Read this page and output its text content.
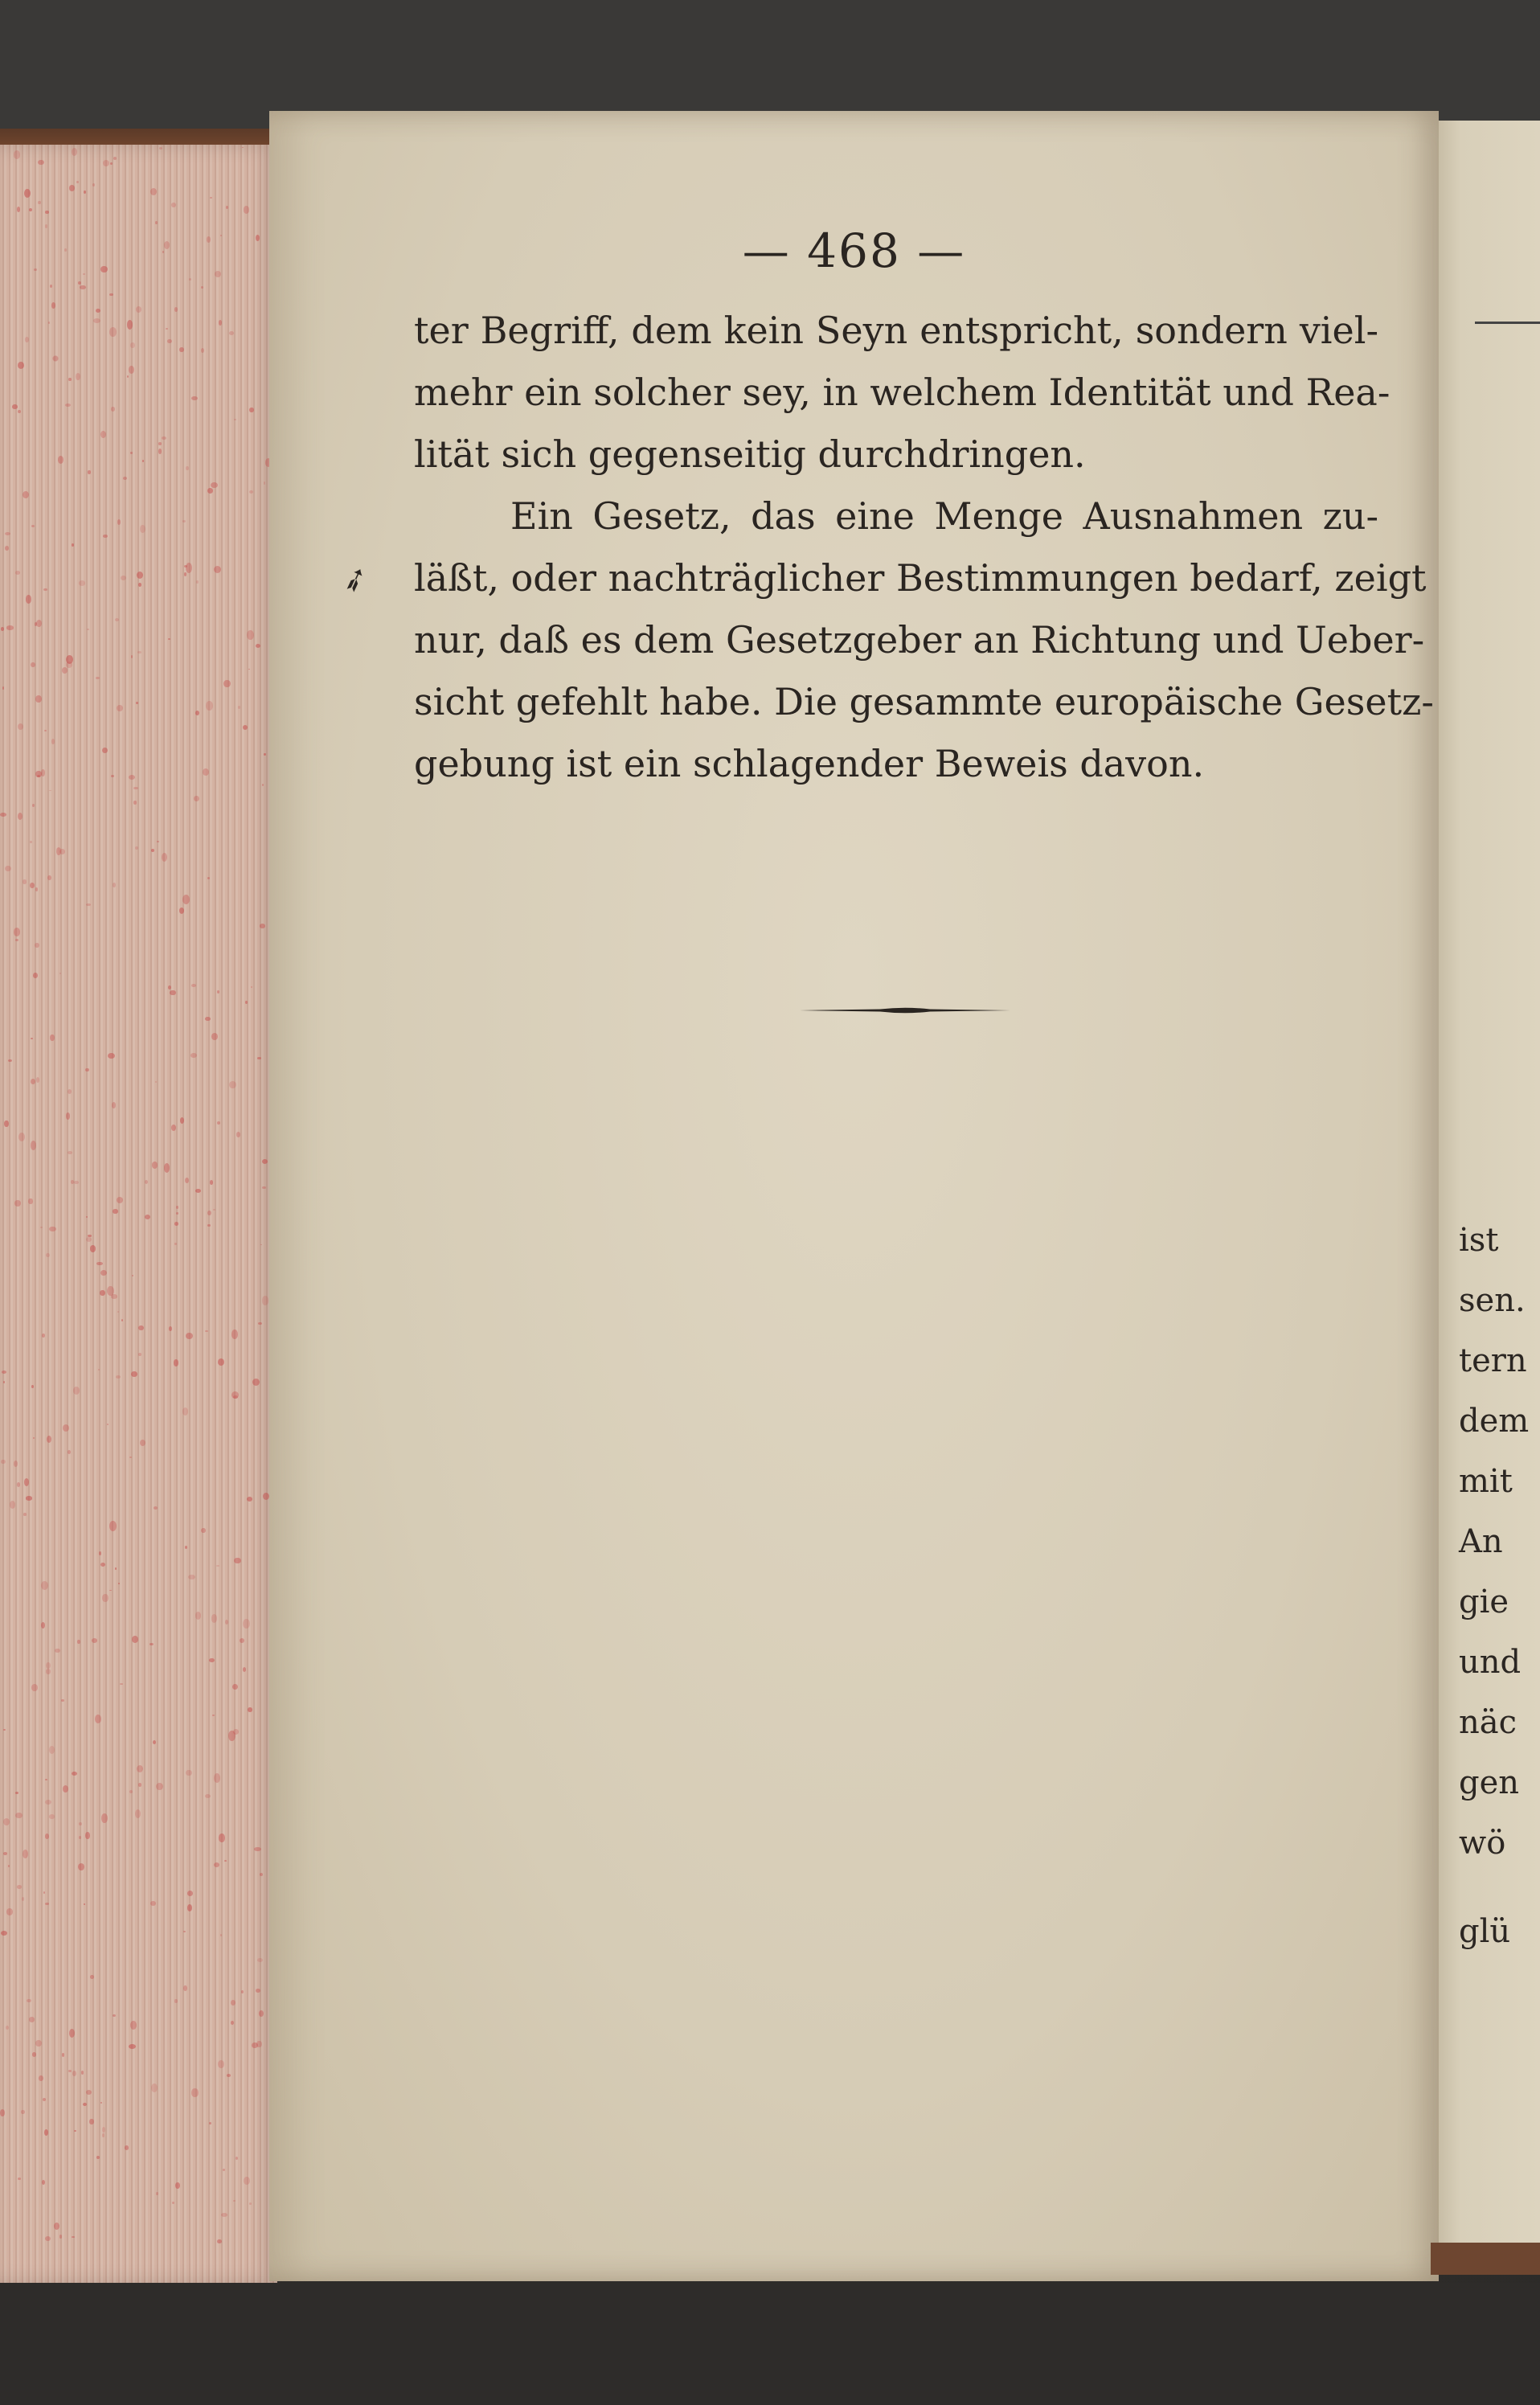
ist
sen.
tern
dem
mit
An
gie
und
näc
gen
wö
glü
— 468 —
➶
ter Begriff, dem kein Seyn entspricht, sondern viel-
mehr ein solcher sey, in welchem Identität und Rea-
lität sich gegenseitig durchdringen.
Ein Gesetz, das eine Menge Ausnahmen zu-
läßt, oder nachträglicher Bestimmungen bedarf, zeigt
nur, daß es dem Gesetzgeber an Richtung und Ueber-
sicht gefehlt habe. Die gesammte europäische Gesetz-
gebung ist ein schlagender Beweis davon.
